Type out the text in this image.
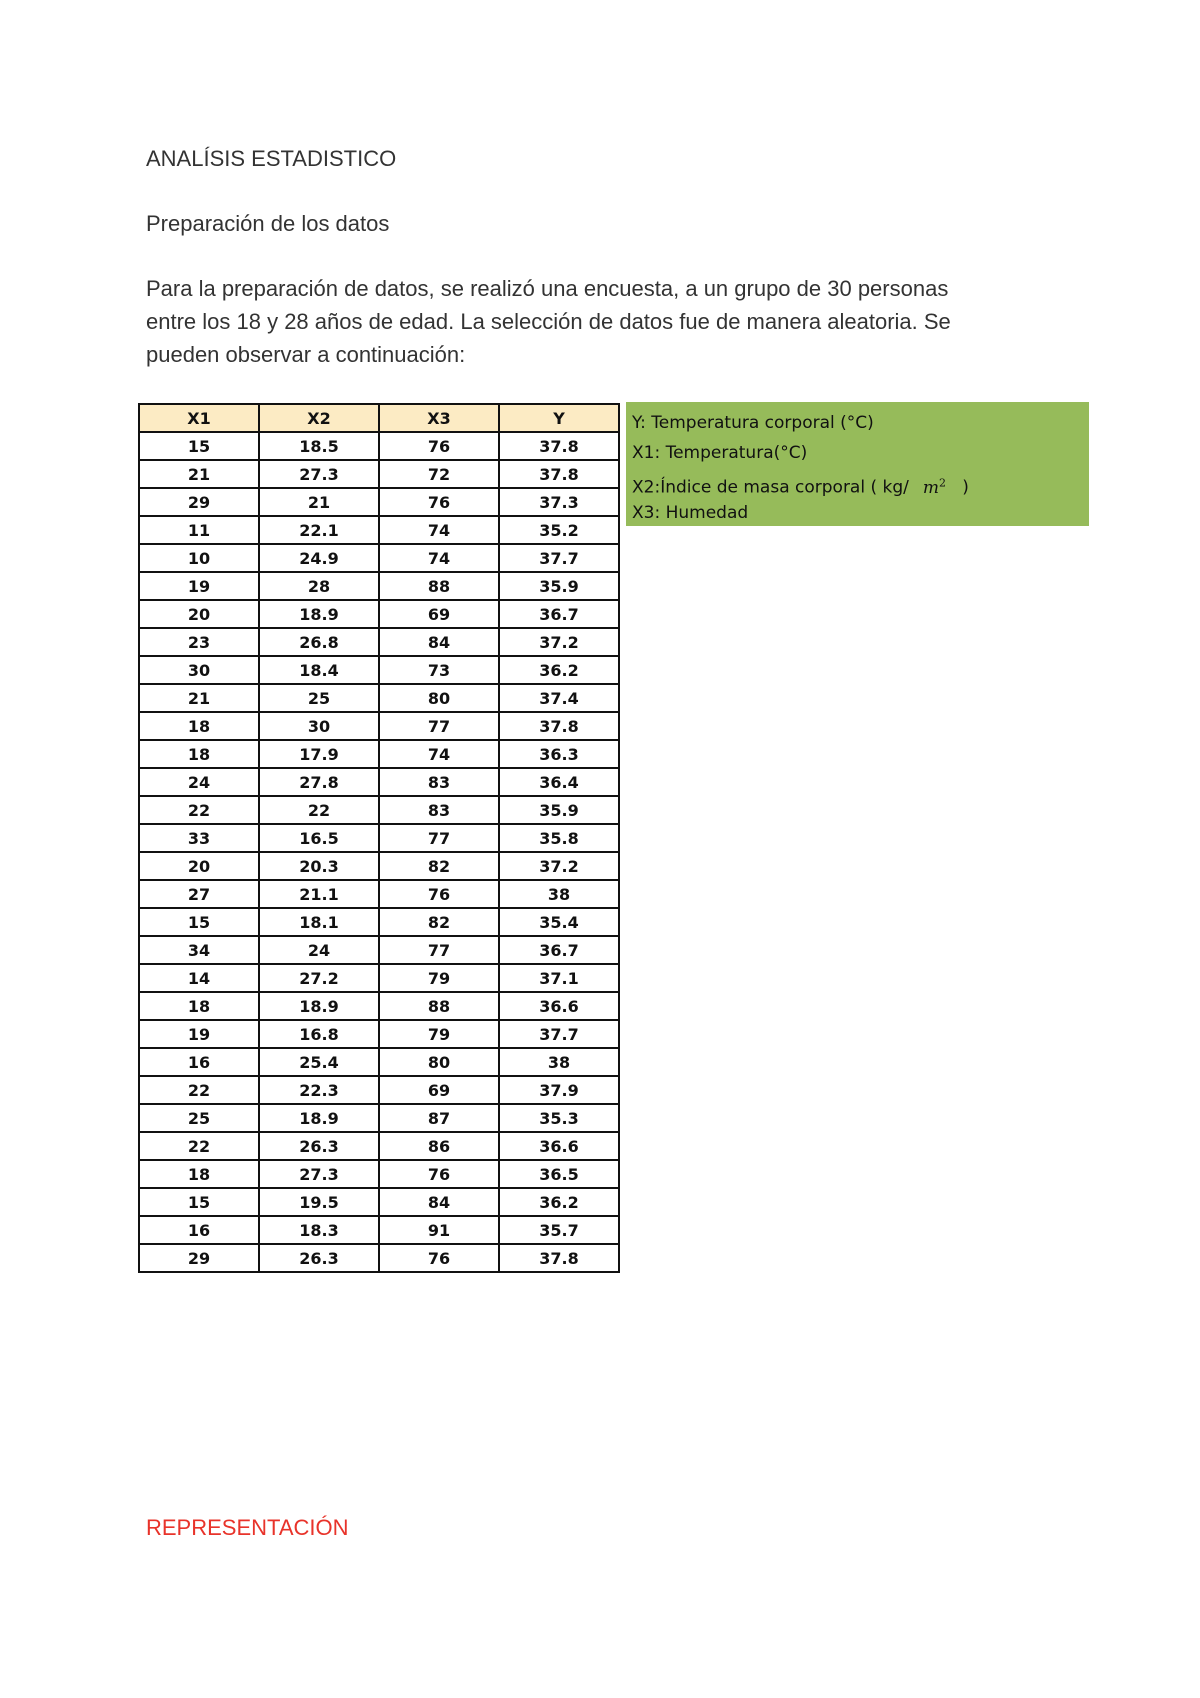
ANALÍSIS ESTADISTICO
Preparación de los datos
Para la preparación de datos, se realizó una encuesta, a un grupo de 30 personas
entre los 18 y 28 años de edad. La selección de datos fue de manera aleatoria. Se
pueden observar a continuación:
X1	X2	X3	Y
15	18.5	76	37.8
21	27.3	72	37.8
29	21	76	37.3
11	22.1	74	35.2
10	24.9	74	37.7
19	28	88	35.9
20	18.9	69	36.7
23	26.8	84	37.2
30	18.4	73	36.2
21	25	80	37.4
18	30	77	37.8
18	17.9	74	36.3
24	27.8	83	36.4
22	22	83	35.9
33	16.5	77	35.8
20	20.3	82	37.2
27	21.1	76	38
15	18.1	82	35.4
34	24	77	36.7
14	27.2	79	37.1
18	18.9	88	36.6
19	16.8	79	37.7
16	25.4	80	38
22	22.3	69	37.9
25	18.9	87	35.3
22	26.3	86	36.6
18	27.3	76	36.5
15	19.5	84	36.2
16	18.3	91	35.7
29	26.3	76	37.8
Y: Temperatura corporal (°C)
X1: Temperatura(°C)
X2:Índice de masa corporal ( kg/ $m^2$ )
X3: Humedad
REPRESENTACIÓN
